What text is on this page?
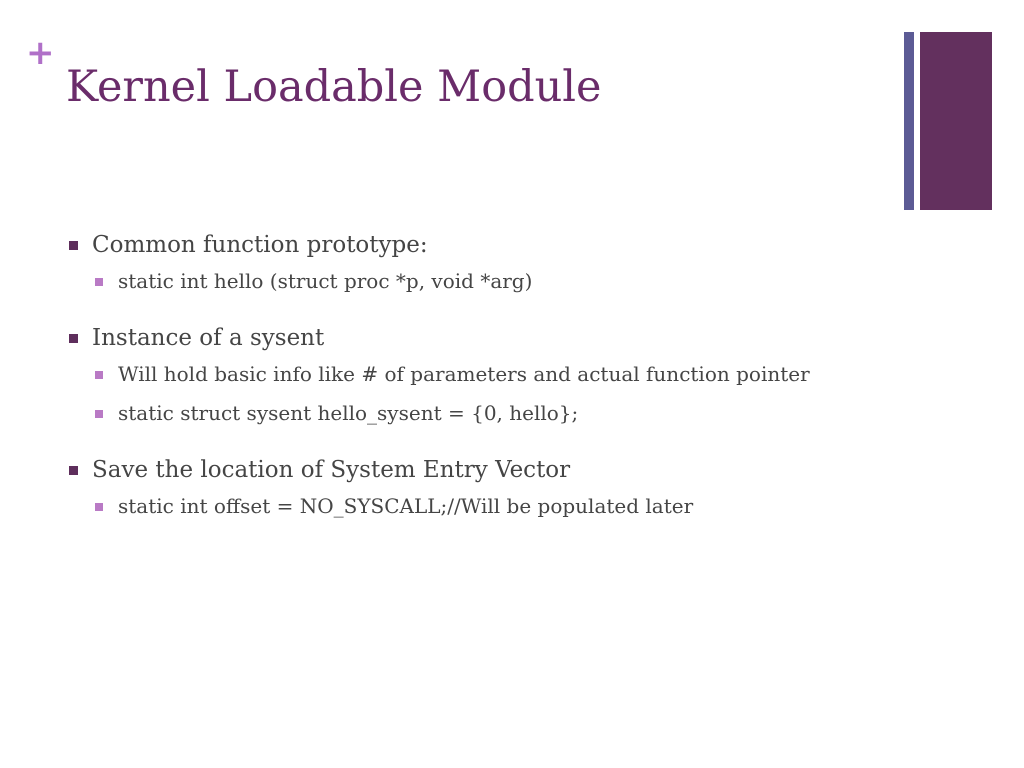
+
Kernel Loadable Module
Common function prototype:
static int hello (struct proc *p, void *arg)
Instance of a sysent
Will hold basic info like # of parameters and actual function pointer
static struct sysent hello_sysent = {0, hello};
Save the location of System Entry Vector
static int offset = NO_SYSCALL;//Will be populated later
